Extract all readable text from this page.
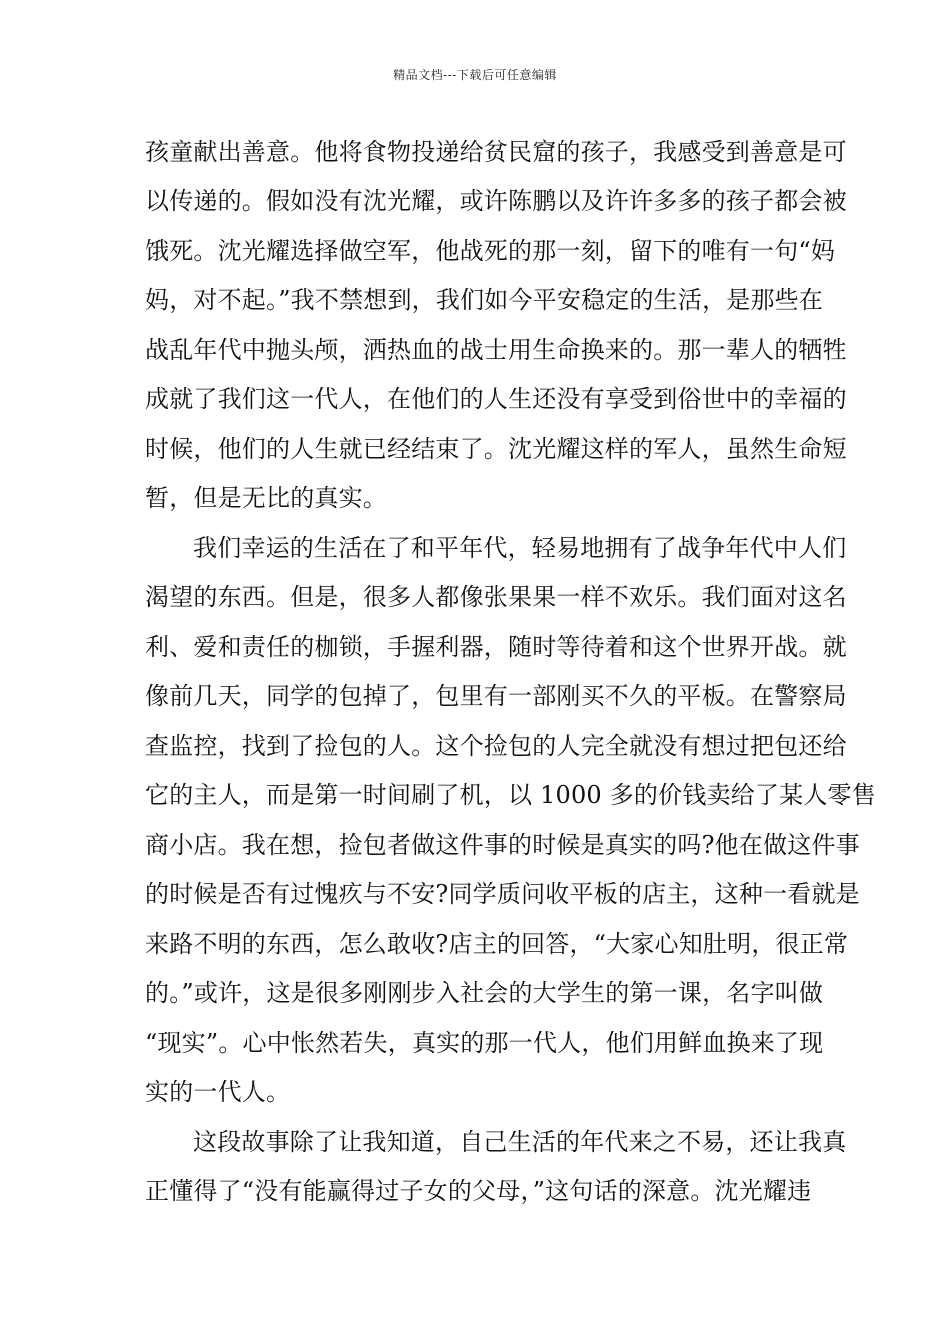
精品文档---下载后可任意编辑
孩童献出善意。他将食物投递给贫民窟的孩子，我感受到善意是可
以传递的。假如没有沈光耀，或许陈鹏以及许许多多的孩子都会被
饿死。沈光耀选择做空军，他战死的那一刻，留下的唯有一句“妈
妈，对不起。”我不禁想到，我们如今平安稳定的生活，是那些在
战乱年代中抛头颅，洒热血的战士用生命换来的。那一辈人的牺牲
成就了我们这一代人，在他们的人生还没有享受到俗世中的幸福的
时候，他们的人生就已经结束了。沈光耀这样的军人，虽然生命短
暂，但是无比的真实。
我们幸运的生活在了和平年代，轻易地拥有了战争年代中人们
渴望的东西。但是，很多人都像张果果一样不欢乐。我们面对这名
利、爱和责任的枷锁，手握利器，随时等待着和这个世界开战。就
像前几天，同学的包掉了，包里有一部刚买不久的平板。在警察局
查监控，找到了捡包的人。这个捡包的人完全就没有想过把包还给
它的主人，而是第一时间刷了机，以 1000 多的价钱卖给了某人零售
商小店。我在想，捡包者做这件事的时候是真实的吗?他在做这件事
的时候是否有过愧疚与不安?同学质问收平板的店主，这种一看就是
来路不明的东西，怎么敢收?店主的回答，“大家心知肚明，很正常
的。”或许，这是很多刚刚步入社会的大学生的第一课，名字叫做
“现实”。心中怅然若失，真实的那一代人，他们用鲜血换来了现
实的一代人。
这段故事除了让我知道，自己生活的年代来之不易，还让我真
正懂得了“没有能赢得过子女的父母，”这句话的深意。沈光耀违
